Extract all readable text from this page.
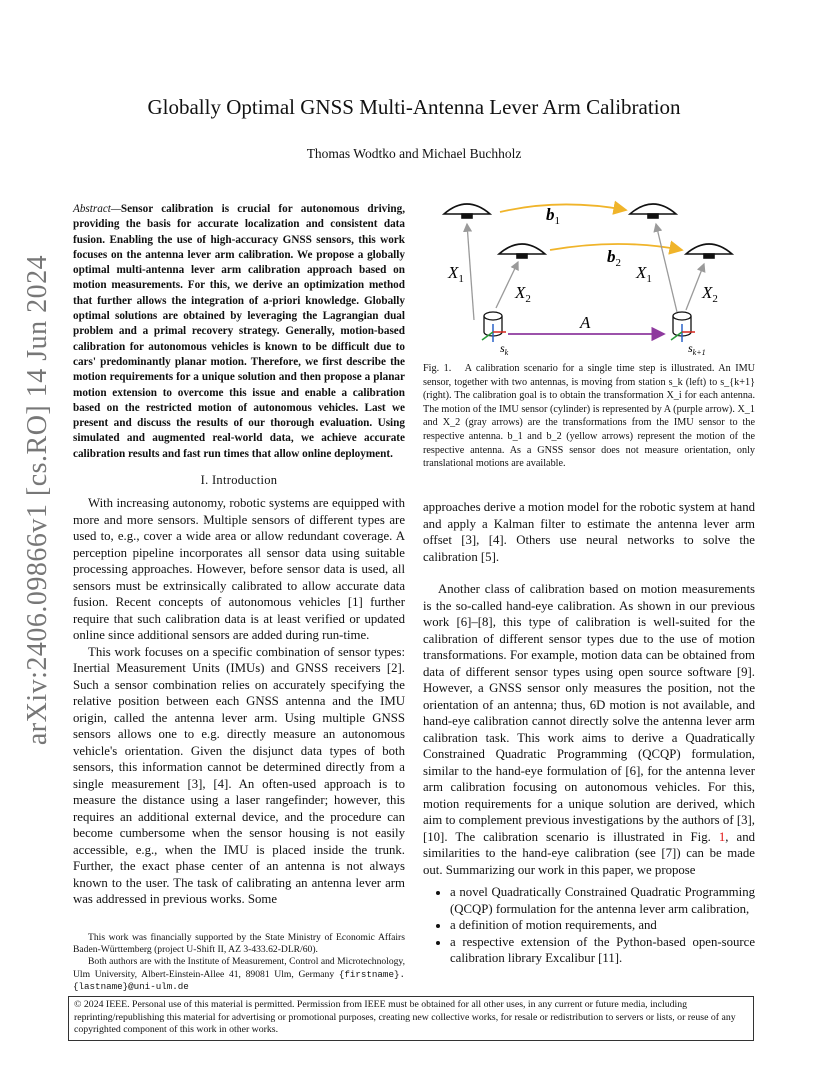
arXiv:2406.09866v1 [cs.RO] 14 Jun 2024
Globally Optimal GNSS Multi-Antenna Lever Arm Calibration
Thomas Wodtko and Michael Buchholz
Abstract—Sensor calibration is crucial for autonomous driving, providing the basis for accurate localization and consistent data fusion. Enabling the use of high-accuracy GNSS sensors, this work focuses on the antenna lever arm calibration. We propose a globally optimal multi-antenna lever arm calibration approach based on motion measurements. For this, we derive an optimization method that further allows the integration of a-priori knowledge. Globally optimal solutions are obtained by leveraging the Lagrangian dual problem and a primal recovery strategy. Generally, motion-based calibration for autonomous vehicles is known to be difficult due to cars' predominantly planar motion. Therefore, we first describe the motion requirements for a unique solution and then propose a planar motion extension to overcome this issue and enable a calibration based on the restricted motion of autonomous vehicles. Last we present and discuss the results of our thorough evaluation. Using simulated and augmented real-world data, we achieve accurate calibration results and fast run times that allow online deployment.
$b_1$
$b_2$
$X_1$
$X_2$
$X_1$
$X_2$
A
$s_k$	$s_{k+1}$
Fig. 1. A calibration scenario for a single time step is illustrated. An IMU sensor, together with two antennas, is moving from station s_k (left) to s_{k+1} (right). The calibration goal is to obtain the transformation X_i for each antenna. The motion of the IMU sensor (cylinder) is represented by A (purple arrow). X_1 and X_2 (gray arrows) are the transformations from the IMU sensor to the respective antenna. b_1 and b_2 (yellow arrows) represent the motion of the respective antenna. As a GNSS sensor does not measure orientation, only translational motions are available.
I. Introduction

With increasing autonomy, robotic systems are equipped with more and more sensors. Multiple sensors of different types are used to, e.g., cover a wide area or allow redundant coverage. A perception pipeline incorporates all sensor data using suitable processing approaches. However, before sensor data is used, all sensors must be extrinsically calibrated to allow accurate data fusion. Recent concepts of autonomous vehicles [1] further require that such calibration data is at least verified or updated online since additional sensors are added during run-time.

This work focuses on a specific combination of sensor types: Inertial Measurement Units (IMUs) and GNSS receivers [2]. Such a sensor combination relies on accurately specifying the relative position between each GNSS antenna and the IMU origin, called the antenna lever arm. Using multiple GNSS sensors allows one to e.g. directly measure an autonomous vehicle's orientation. Given the disjunct data types of both sensors, this information cannot be determined directly from a single measurement [3], [4]. An often-used approach is to measure the distance using a laser rangefinder; however, this requires an additional external device, and the procedure can become cumbersome when the sensor housing is not easily accessible, e.g., when the IMU is placed inside the trunk. Further, the exact phase center of an antenna is not always known to the user. The task of calibrating an antenna lever arm was addressed in previous works. Some

This work was financially supported by the State Ministry of Economic Affairs Baden-Württemberg (project U-Shift II, AZ 3-433.62-DLR/60).

Both authors are with the Institute of Measurement, Control and Microtechnology, Ulm University, Albert-Einstein-Allee 41, 89081 Ulm, Germany {firstname}.{lastname}@uni-ulm.de

approaches derive a motion model for the robotic system at hand and apply a Kalman filter to estimate the antenna lever arm offset [3], [4]. Others use neural networks to solve the calibration [5].

Another class of calibration based on motion measurements is the so-called hand-eye calibration. As shown in our previous work [6]–[8], this type of calibration is well-suited for the calibration of different sensor types due to the use of motion transformations. For example, motion data can be obtained from data of different sensor types using open source software [9]. However, a GNSS sensor only measures the position, not the orientation of an antenna; thus, 6D motion is not available, and hand-eye calibration cannot directly solve the antenna lever arm calibration task. This work aims to derive a Quadratically Constrained Quadratic Programming (QCQP) formulation, similar to the hand-eye formulation of [6], for the antenna lever arm calibration focusing on autonomous vehicles. For this, motion requirements for a unique solution are derived, which aim to complement previous investigations by the authors of [3], [10]. The calibration scenario is illustrated in Fig. 1, and similarities to the hand-eye calibration (see [7]) can be made out. Summarizing our work in this paper, we propose

• a novel Quadratically Constrained Quadratic Programming (QCQP) formulation for the antenna lever arm calibration,
• a definition of motion requirements, and
• a respective extension of the Python-based open-source calibration library Excalibur [11].
© 2024 IEEE. Personal use of this material is permitted. Permission from IEEE must be obtained for all other uses, in any current or future media, including reprinting/republishing this material for advertising or promotional purposes, creating new collective works, for resale or redistribution to servers or lists, or reuse of any copyrighted component of this work in other works.
